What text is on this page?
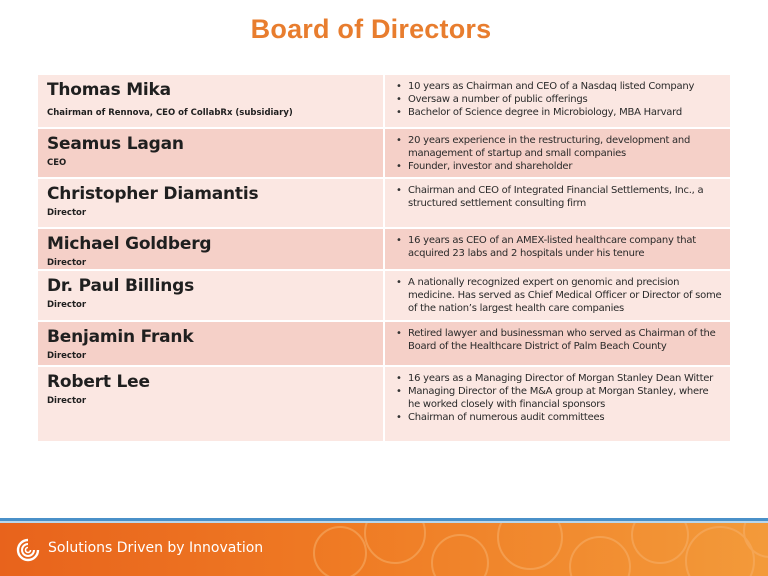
Board of Directors
Thomas Mika
Chairman of Rennova, CEO of CollabRx (subsidiary)
• 10 years as Chairman and CEO of a Nasdaq listed Company
• Oversaw a number of public offerings
• Bachelor of Science degree in Microbiology, MBA Harvard
Seamus Lagan
CEO
• 20 years experience in the restructuring, development and management of startup and small companies
• Founder, investor and shareholder
Christopher Diamantis
Director
• Chairman and CEO of Integrated Financial Settlements, Inc., a structured settlement consulting firm
Michael Goldberg
Director
• 16 years as CEO of an AMEX-listed healthcare company that acquired 23 labs and 2 hospitals under his tenure
Dr. Paul Billings
Director
• A nationally recognized expert on genomic and precision medicine. Has served as Chief Medical Officer or Director of some of the nation’s largest health care companies
Benjamin Frank
Director
• Retired lawyer and businessman who served as Chairman of the Board of the Healthcare District of Palm Beach County
Robert Lee
Director
• 16 years as a Managing Director of Morgan Stanley Dean Witter
• Managing Director of the M&A group at Morgan Stanley, where he worked closely with financial sponsors
• Chairman of numerous audit committees
Solutions Driven by Innovation
